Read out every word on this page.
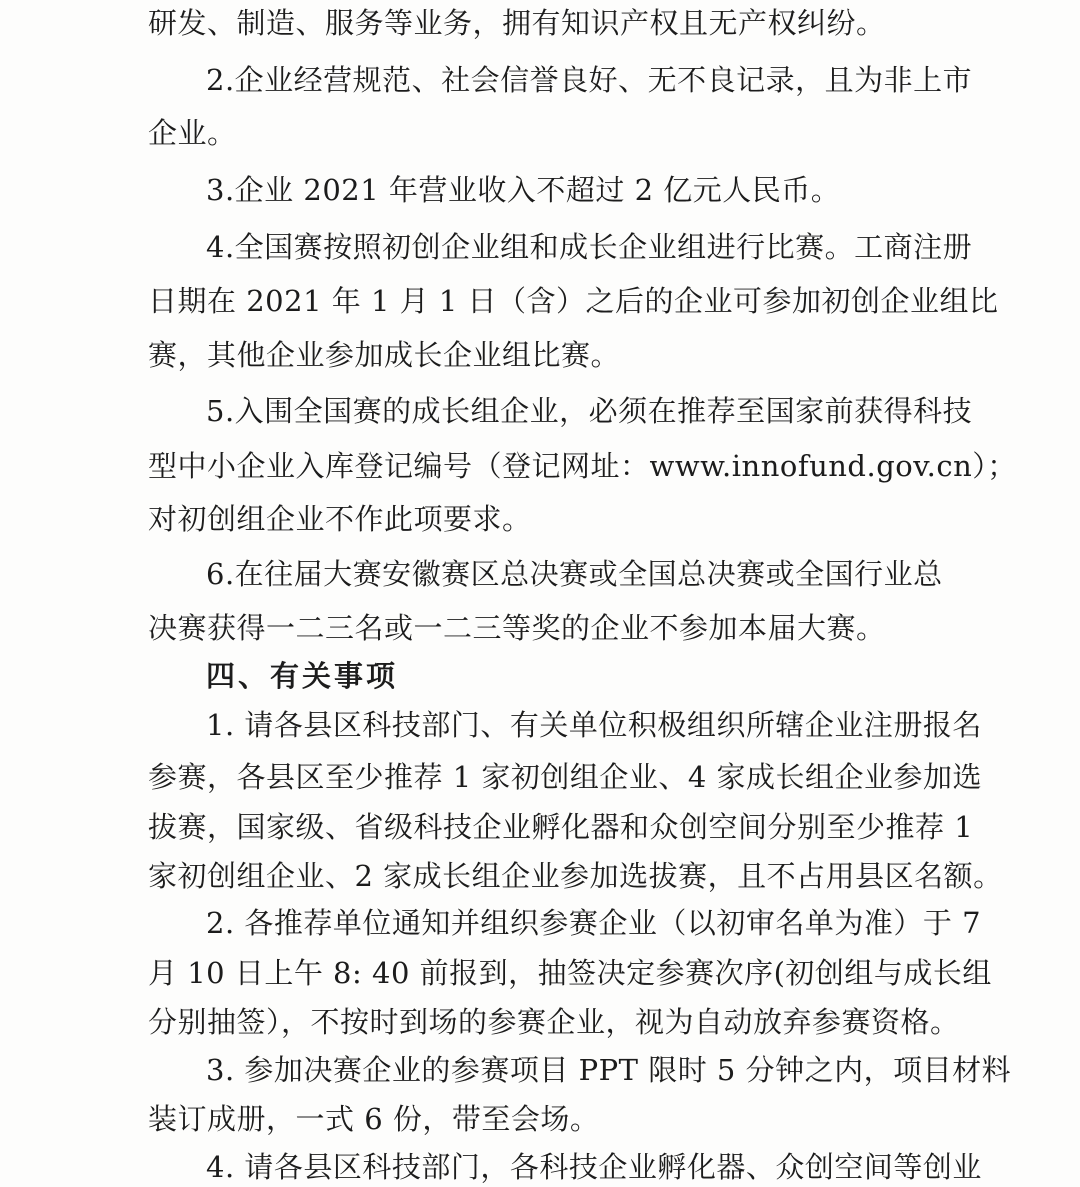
研发、制造、服务等业务，拥有知识产权且无产权纠纷。
2.企业经营规范、社会信誉良好、无不良记录，且为非上市
企业。
3.企业 2021 年营业收入不超过 2 亿元人民币。
4.全国赛按照初创企业组和成长企业组进行比赛。工商注册
日期在 2021 年 1 月 1 日（含）之后的企业可参加初创企业组比
赛，其他企业参加成长企业组比赛。
5.入围全国赛的成长组企业，必须在推荐至国家前获得科技
型中小企业入库登记编号（登记网址：www.innofund.gov.cn）；
对初创组企业不作此项要求。
6.在往届大赛安徽赛区总决赛或全国总决赛或全国行业总
决赛获得一二三名或一二三等奖的企业不参加本届大赛。
四、有关事项
1. 请各县区科技部门、有关单位积极组织所辖企业注册报名
参赛，各县区至少推荐 1 家初创组企业、4 家成长组企业参加选
拔赛，国家级、省级科技企业孵化器和众创空间分别至少推荐 1
家初创组企业、2 家成长组企业参加选拔赛，且不占用县区名额。
2. 各推荐单位通知并组织参赛企业（以初审名单为准）于 7
月 10 日上午 8: 40 前报到，抽签决定参赛次序(初创组与成长组
分别抽签），不按时到场的参赛企业，视为自动放弃参赛资格。
3. 参加决赛企业的参赛项目 PPT 限时 5 分钟之内，项目材料
装订成册，一式 6 份，带至会场。
4. 请各县区科技部门，各科技企业孵化器、众创空间等创业
